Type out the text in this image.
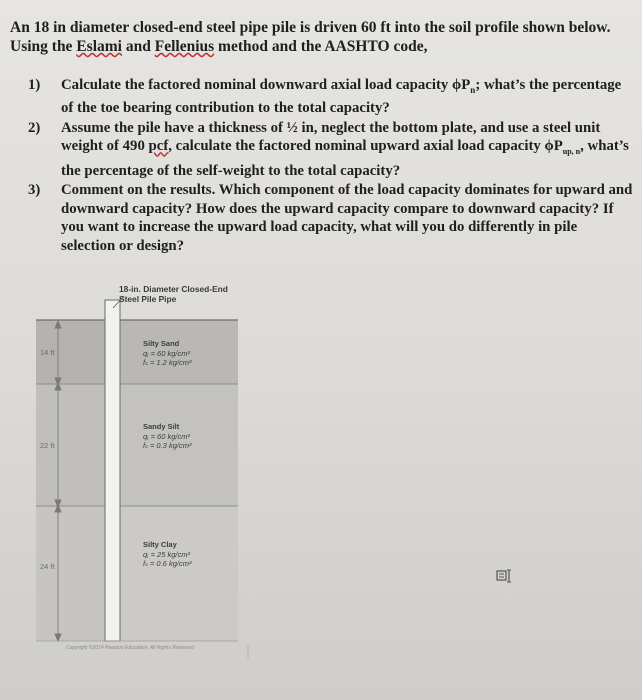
An 18 in diameter closed-end steel pipe pile is driven 60 ft into the soil profile shown below.
Using the Eslami and Fellenius method and the AASHTO code,
1) Calculate the factored nominal downward axial load capacity $\phi P_n$; what’s the percentage of the toe bearing contribution to the total capacity?
2) Assume the pile have a thickness of ½ in, neglect the bottom plate, and use a steel unit weight of 490 pcf, calculate the factored nominal upward axial load capacity $\phi P_{up, n}$, what’s the percentage of the self-weight to the total capacity?
3) Comment on the results. Which component of the load capacity dominates for upward and downward capacity? How does the upward capacity compare to downward capacity? If you want to increase the upward load capacity, what will you do differently in pile selection or design?
18-in. Diameter Closed-End
Steel Pile Pipe
14 ft
22 ft
24 ft
Silty Sand
qⱼ = 60 kg/cm²
fₛ = 1.2 kg/cm²
Sandy Silt
qⱼ = 60 kg/cm²
fₛ = 0.3 kg/cm²
Silty Clay
qⱼ = 25 kg/cm²
fₛ = 0.6 kg/cm²
Copyright ©2014 Pearson Education, All Rights Reserved
